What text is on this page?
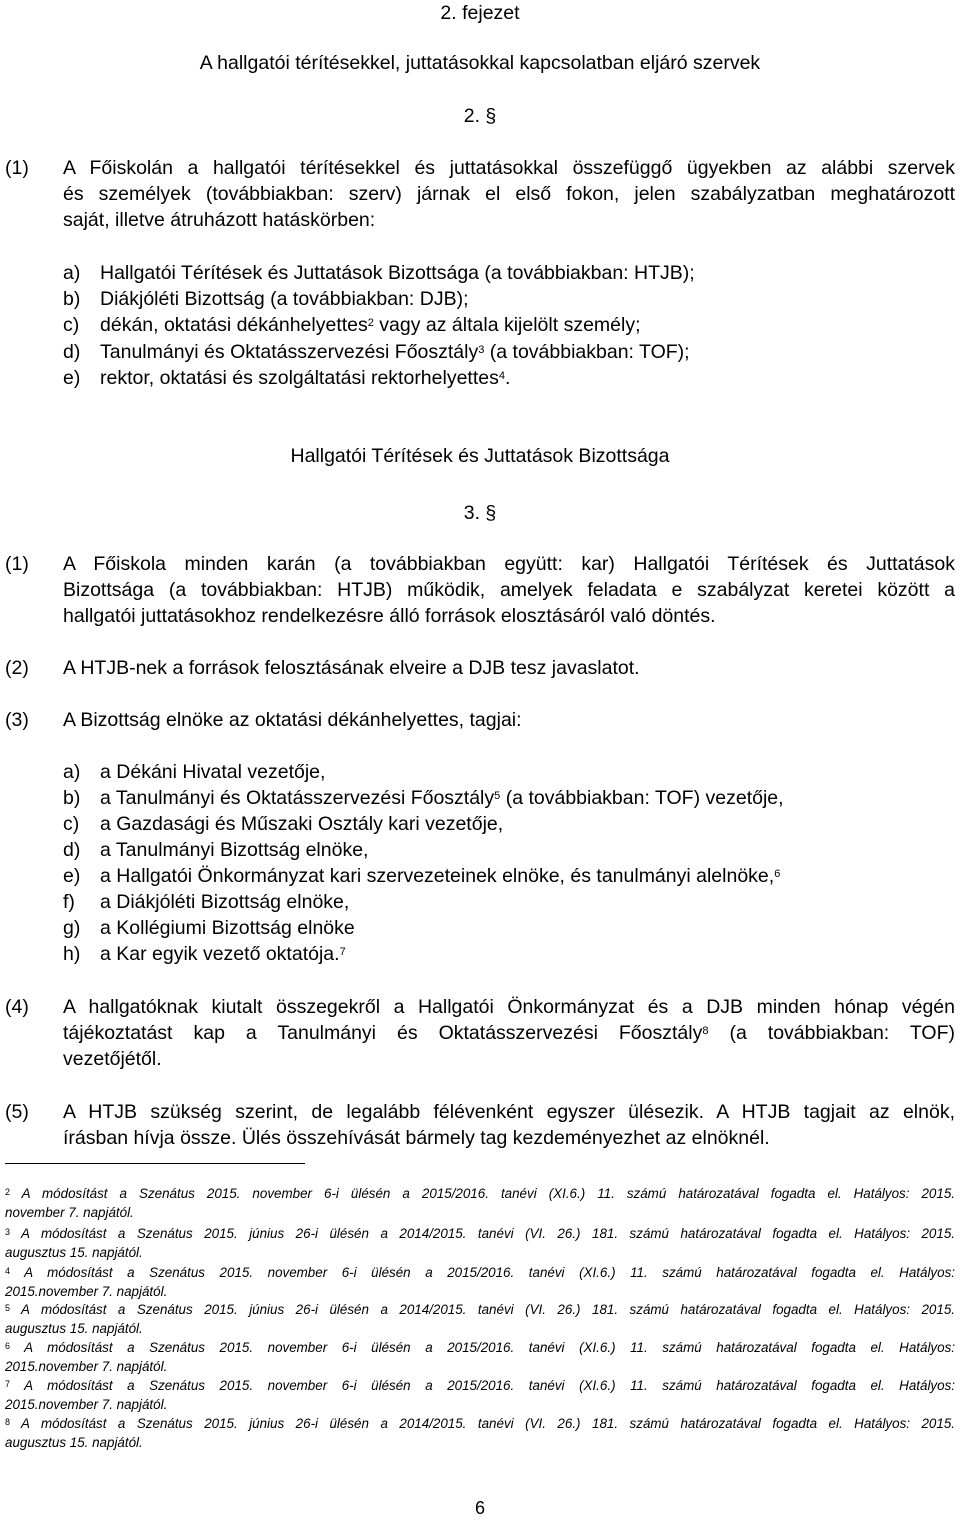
2. fejezet
A hallgatói térítésekkel, juttatásokkal kapcsolatban eljáró szervek
2. §
(1) A Főiskolán a hallgatói térítésekkel és juttatásokkal összefüggő ügyekben az alábbi szervek
és személyek (továbbiakban: szerv) járnak el első fokon, jelen szabályzatban meghatározott
saját, illetve átruházott hatáskörben:
a) Hallgatói Térítések és Juttatások Bizottsága (a továbbiakban: HTJB);
b) Diákjóléti Bizottság (a továbbiakban: DJB);
c) dékán, oktatási dékánhelyettes$^2$ vagy az általa kijelölt személy;
d) Tanulmányi és Oktatásszervezési Főosztály$^3$ (a továbbiakban: TOF);
e) rektor, oktatási és szolgáltatási rektorhelyettes$^4$.
Hallgatói Térítések és Juttatások Bizottsága
3. §
(1) A Főiskola minden karán (a továbbiakban együtt: kar) Hallgatói Térítések és Juttatások
Bizottsága (a továbbiakban: HTJB) működik, amelyek feladata e szabályzat keretei között a
hallgatói juttatásokhoz rendelkezésre álló források elosztásáról való döntés.
(2) A HTJB-nek a források felosztásának elveire a DJB tesz javaslatot.
(3) A Bizottság elnöke az oktatási dékánhelyettes, tagjai:
a) a Dékáni Hivatal vezetője,
b) a Tanulmányi és Oktatásszervezési Főosztály$^5$ (a továbbiakban: TOF) vezetője,
c) a Gazdasági és Műszaki Osztály kari vezetője,
d) a Tanulmányi Bizottság elnöke,
e) a Hallgatói Önkormányzat kari szervezeteinek elnöke, és tanulmányi alelnöke,$^6$
f) a Diákjóléti Bizottság elnöke,
g) a Kollégiumi Bizottság elnöke
h) a Kar egyik vezető oktatója.$^7$
(4) A hallgatóknak kiutalt összegekről a Hallgatói Önkormányzat és a DJB minden hónap végén
tájékoztatást kap a Tanulmányi és Oktatásszervezési Főosztály$^8$ (a továbbiakban: TOF)
vezetőjétől.
(5) A HTJB szükség szerint, de legalább félévenként egyszer ülésezik. A HTJB tagjait az elnök,
írásban hívja össze. Ülés összehívását bármely tag kezdeményezhet az elnöknél.
$^2$ A módosítást a Szenátus 2015. november 6-i ülésén a 2015/2016. tanévi (XI.6.) 11. számú határozatával fogadta el. Hatályos: 2015.
november 7. napjától.
$^3$ A módosítást a Szenátus 2015. június 26-i ülésén a 2014/2015. tanévi (VI. 26.) 181. számú határozatával fogadta el. Hatályos: 2015.
augusztus 15. napjától.
$^4$ A módosítást a Szenátus 2015. november 6-i ülésén a 2015/2016. tanévi (XI.6.) 11. számú határozatával fogadta el. Hatályos:
2015.november 7. napjától.
$^5$ A módosítást a Szenátus 2015. június 26-i ülésén a 2014/2015. tanévi (VI. 26.) 181. számú határozatával fogadta el. Hatályos: 2015.
augusztus 15. napjától.
$^6$ A módosítást a Szenátus 2015. november 6-i ülésén a 2015/2016. tanévi (XI.6.) 11. számú határozatával fogadta el. Hatályos:
2015.november 7. napjától.
$^7$ A módosítást a Szenátus 2015. november 6-i ülésén a 2015/2016. tanévi (XI.6.) 11. számú határozatával fogadta el. Hatályos:
2015.november 7. napjától.
$^8$ A módosítást a Szenátus 2015. június 26-i ülésén a 2014/2015. tanévi (VI. 26.) 181. számú határozatával fogadta el. Hatályos: 2015.
augusztus 15. napjától.
6
